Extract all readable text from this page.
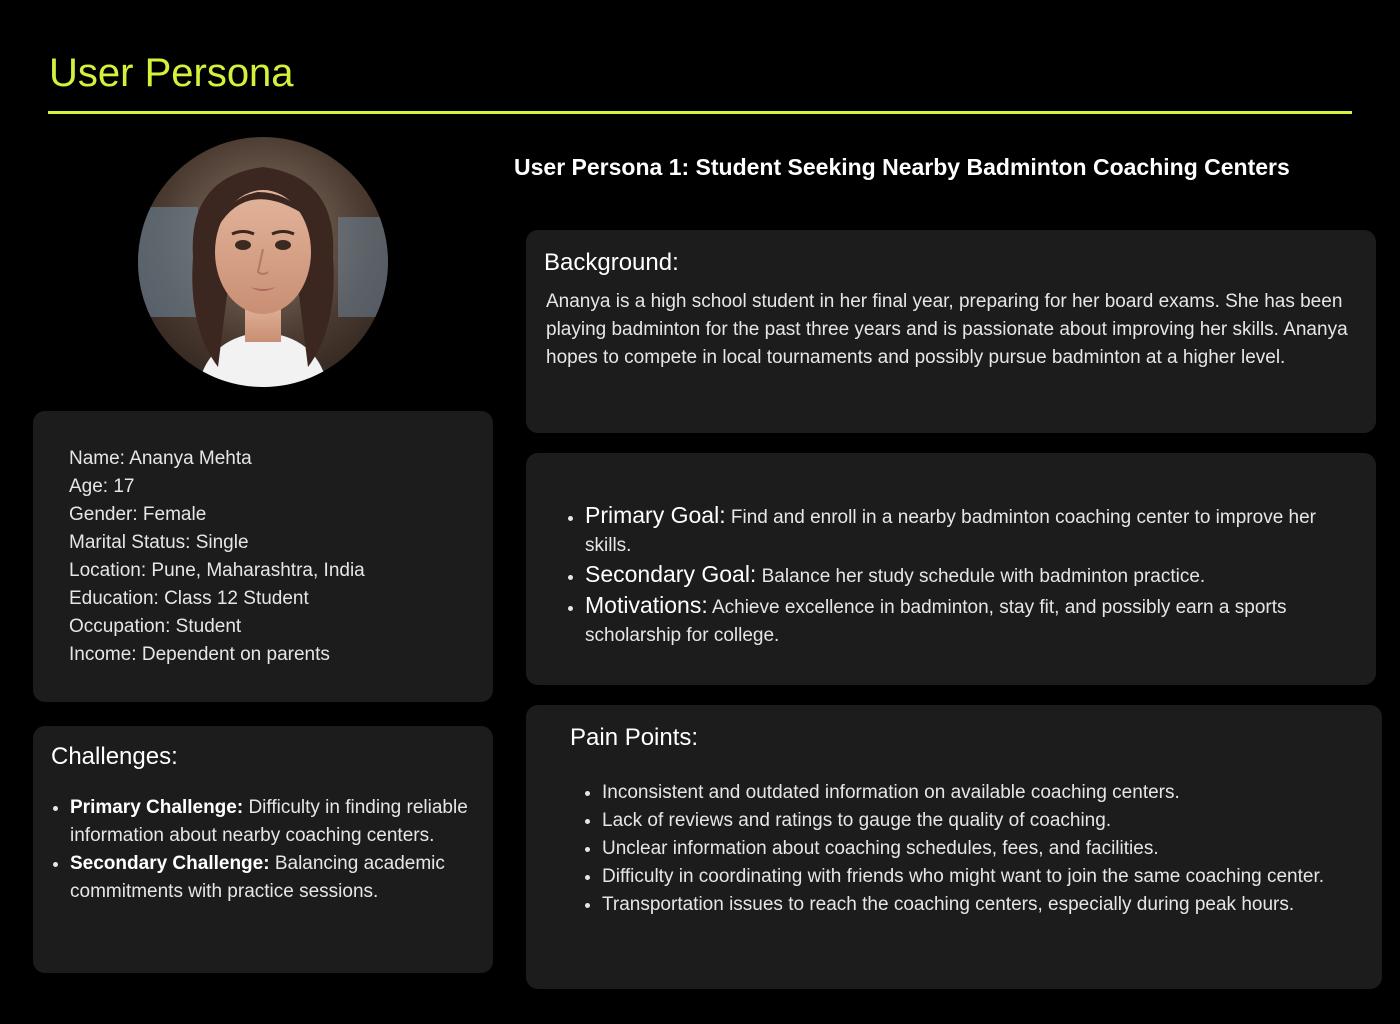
User Persona
User Persona 1: Student Seeking Nearby Badminton Coaching Centers
Name: Ananya Mehta
Age: 17
Gender: Female
Marital Status: Single
Location: Pune, Maharashtra, India
Education: Class 12 Student
Occupation: Student
Income: Dependent on parents
Challenges:
• Primary Challenge: Difficulty in finding reliable information about nearby coaching centers.
• Secondary Challenge: Balancing academic commitments with practice sessions.
Background:

Ananya is a high school student in her final year, preparing for her board exams. She has been playing badminton for the past three years and is passionate about improving her skills. Ananya hopes to compete in local tournaments and possibly pursue badminton at a higher level.

• Primary Goal: Find and enroll in a nearby badminton coaching center to improve her skills.
• Secondary Goal: Balance her study schedule with badminton practice.
• Motivations: Achieve excellence in badminton, stay fit, and possibly earn a sports scholarship for college.
Pain Points:
• Inconsistent and outdated information on available coaching centers.
• Lack of reviews and ratings to gauge the quality of coaching.
• Unclear information about coaching schedules, fees, and facilities.
• Difficulty in coordinating with friends who might want to join the same coaching center.
• Transportation issues to reach the coaching centers, especially during peak hours.
